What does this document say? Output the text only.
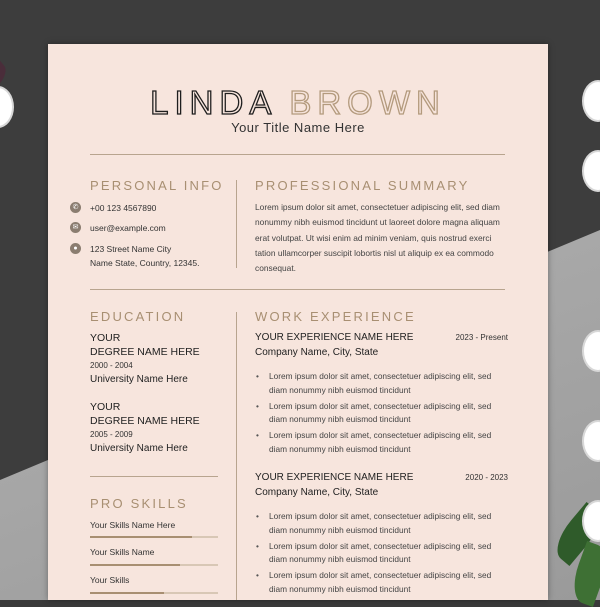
LINDA BROWN
Your Title Name Here
PERSONAL INFO
✆	+00 123 4567890
✉	user@example.com
●	123 Street Name City
Name State, Country, 12345.
PROFESSIONAL SUMMARY
Lorem ipsum dolor sit amet, consectetuer adipiscing elit, sed diam nonummy nibh euismod tincidunt ut laoreet dolore magna aliquam erat volutpat. Ut wisi enim ad minim veniam, quis nostrud exerci tation ullamcorper suscipit lobortis nisl ut aliquip ex ea commodo consequat.
EDUCATION
YOUR
DEGREE NAME HERE
2000 - 2004
University Name Here
YOUR
DEGREE NAME HERE
2005 - 2009
University Name Here
PRO SKILLS
Your Skills Name Here
Your Skills Name
Your Skills
WORK EXPERIENCE
YOUR EXPERIENCE NAME HERE	2023 - Present
Company Name, City, State
• Lorem ipsum dolor sit amet, consectetuer adipiscing elit, sed diam nonummy nibh euismod tincidunt
• Lorem ipsum dolor sit amet, consectetuer adipiscing elit, sed diam nonummy nibh euismod tincidunt
• Lorem ipsum dolor sit amet, consectetuer adipiscing elit, sed diam nonummy nibh euismod tincidunt
YOUR EXPERIENCE NAME HERE	2020 - 2023
Company Name, City, State
• Lorem ipsum dolor sit amet, consectetuer adipiscing elit, sed diam nonummy nibh euismod tincidunt
• Lorem ipsum dolor sit amet, consectetuer adipiscing elit, sed diam nonummy nibh euismod tincidunt
• Lorem ipsum dolor sit amet, consectetuer adipiscing elit, sed diam nonummy nibh euismod tincidunt
